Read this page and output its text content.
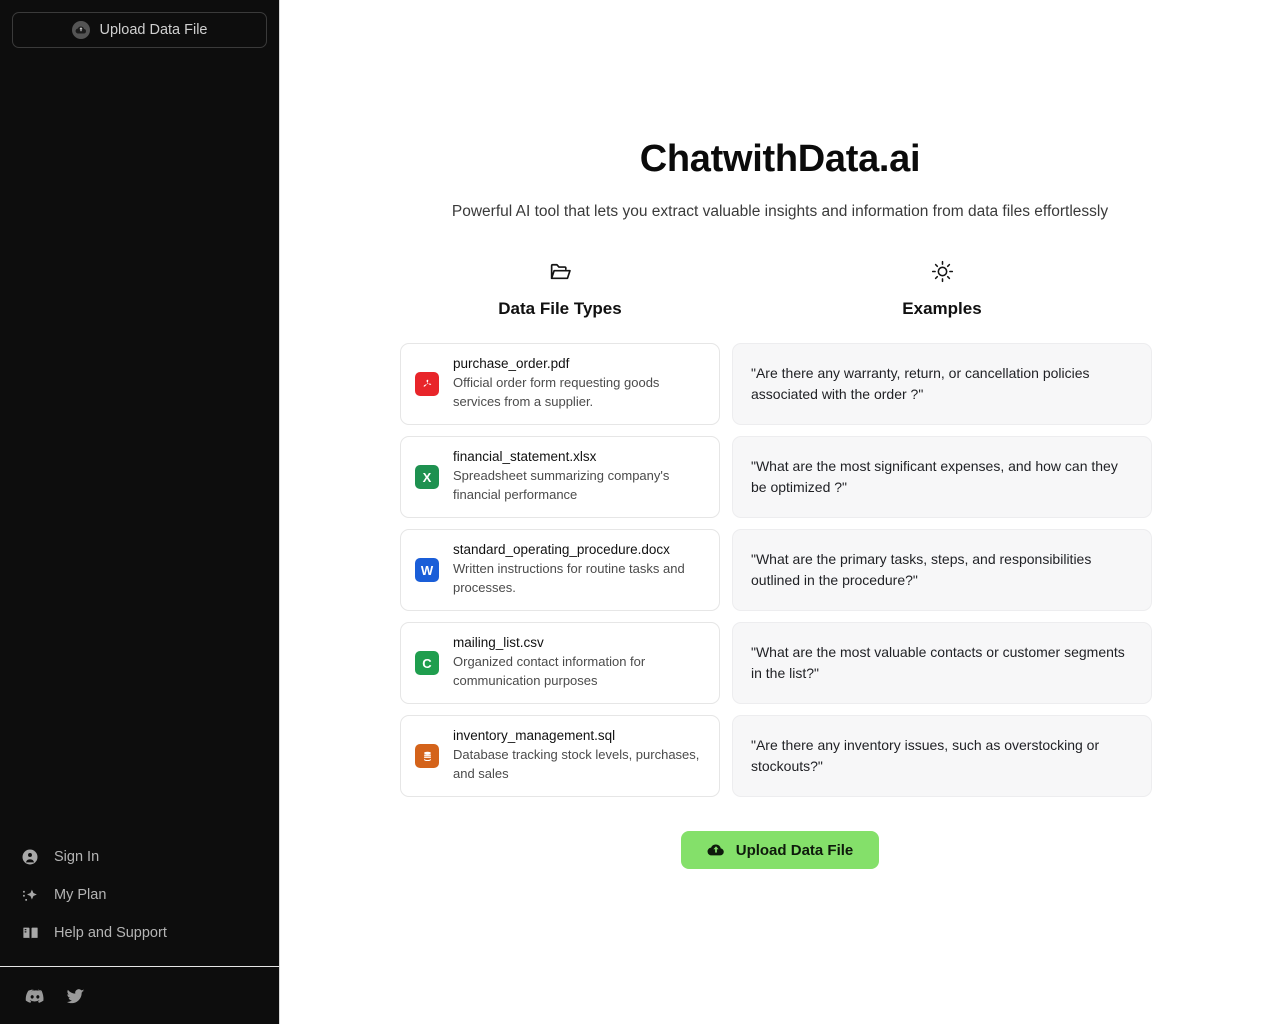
Upload Data File
Sign In
My Plan
Help and Support
ChatwithData.ai

Powerful AI tool that lets you extract valuable insights and information from data files effortlessly

Data File Types	Examples
purchase_order.pdf
Official order form requesting goods services from a supplier.
X
financial_statement.xlsx
Spreadsheet summarizing company's financial performance
W
standard_operating_procedure.docx
Written instructions for routine tasks and processes.
C
mailing_list.csv
Organized contact information for communication purposes
inventory_management.sql
Database tracking stock levels, purchases, and sales
"Are there any warranty, return, or cancellation policies associated with the order ?"
"What are the most significant expenses, and how can they be optimized ?"
"What are the primary tasks, steps, and responsibilities outlined in the procedure?"
"What are the most valuable contacts or customer segments in the list?"
"Are there any inventory issues, such as overstocking or stockouts?"
Upload Data File
